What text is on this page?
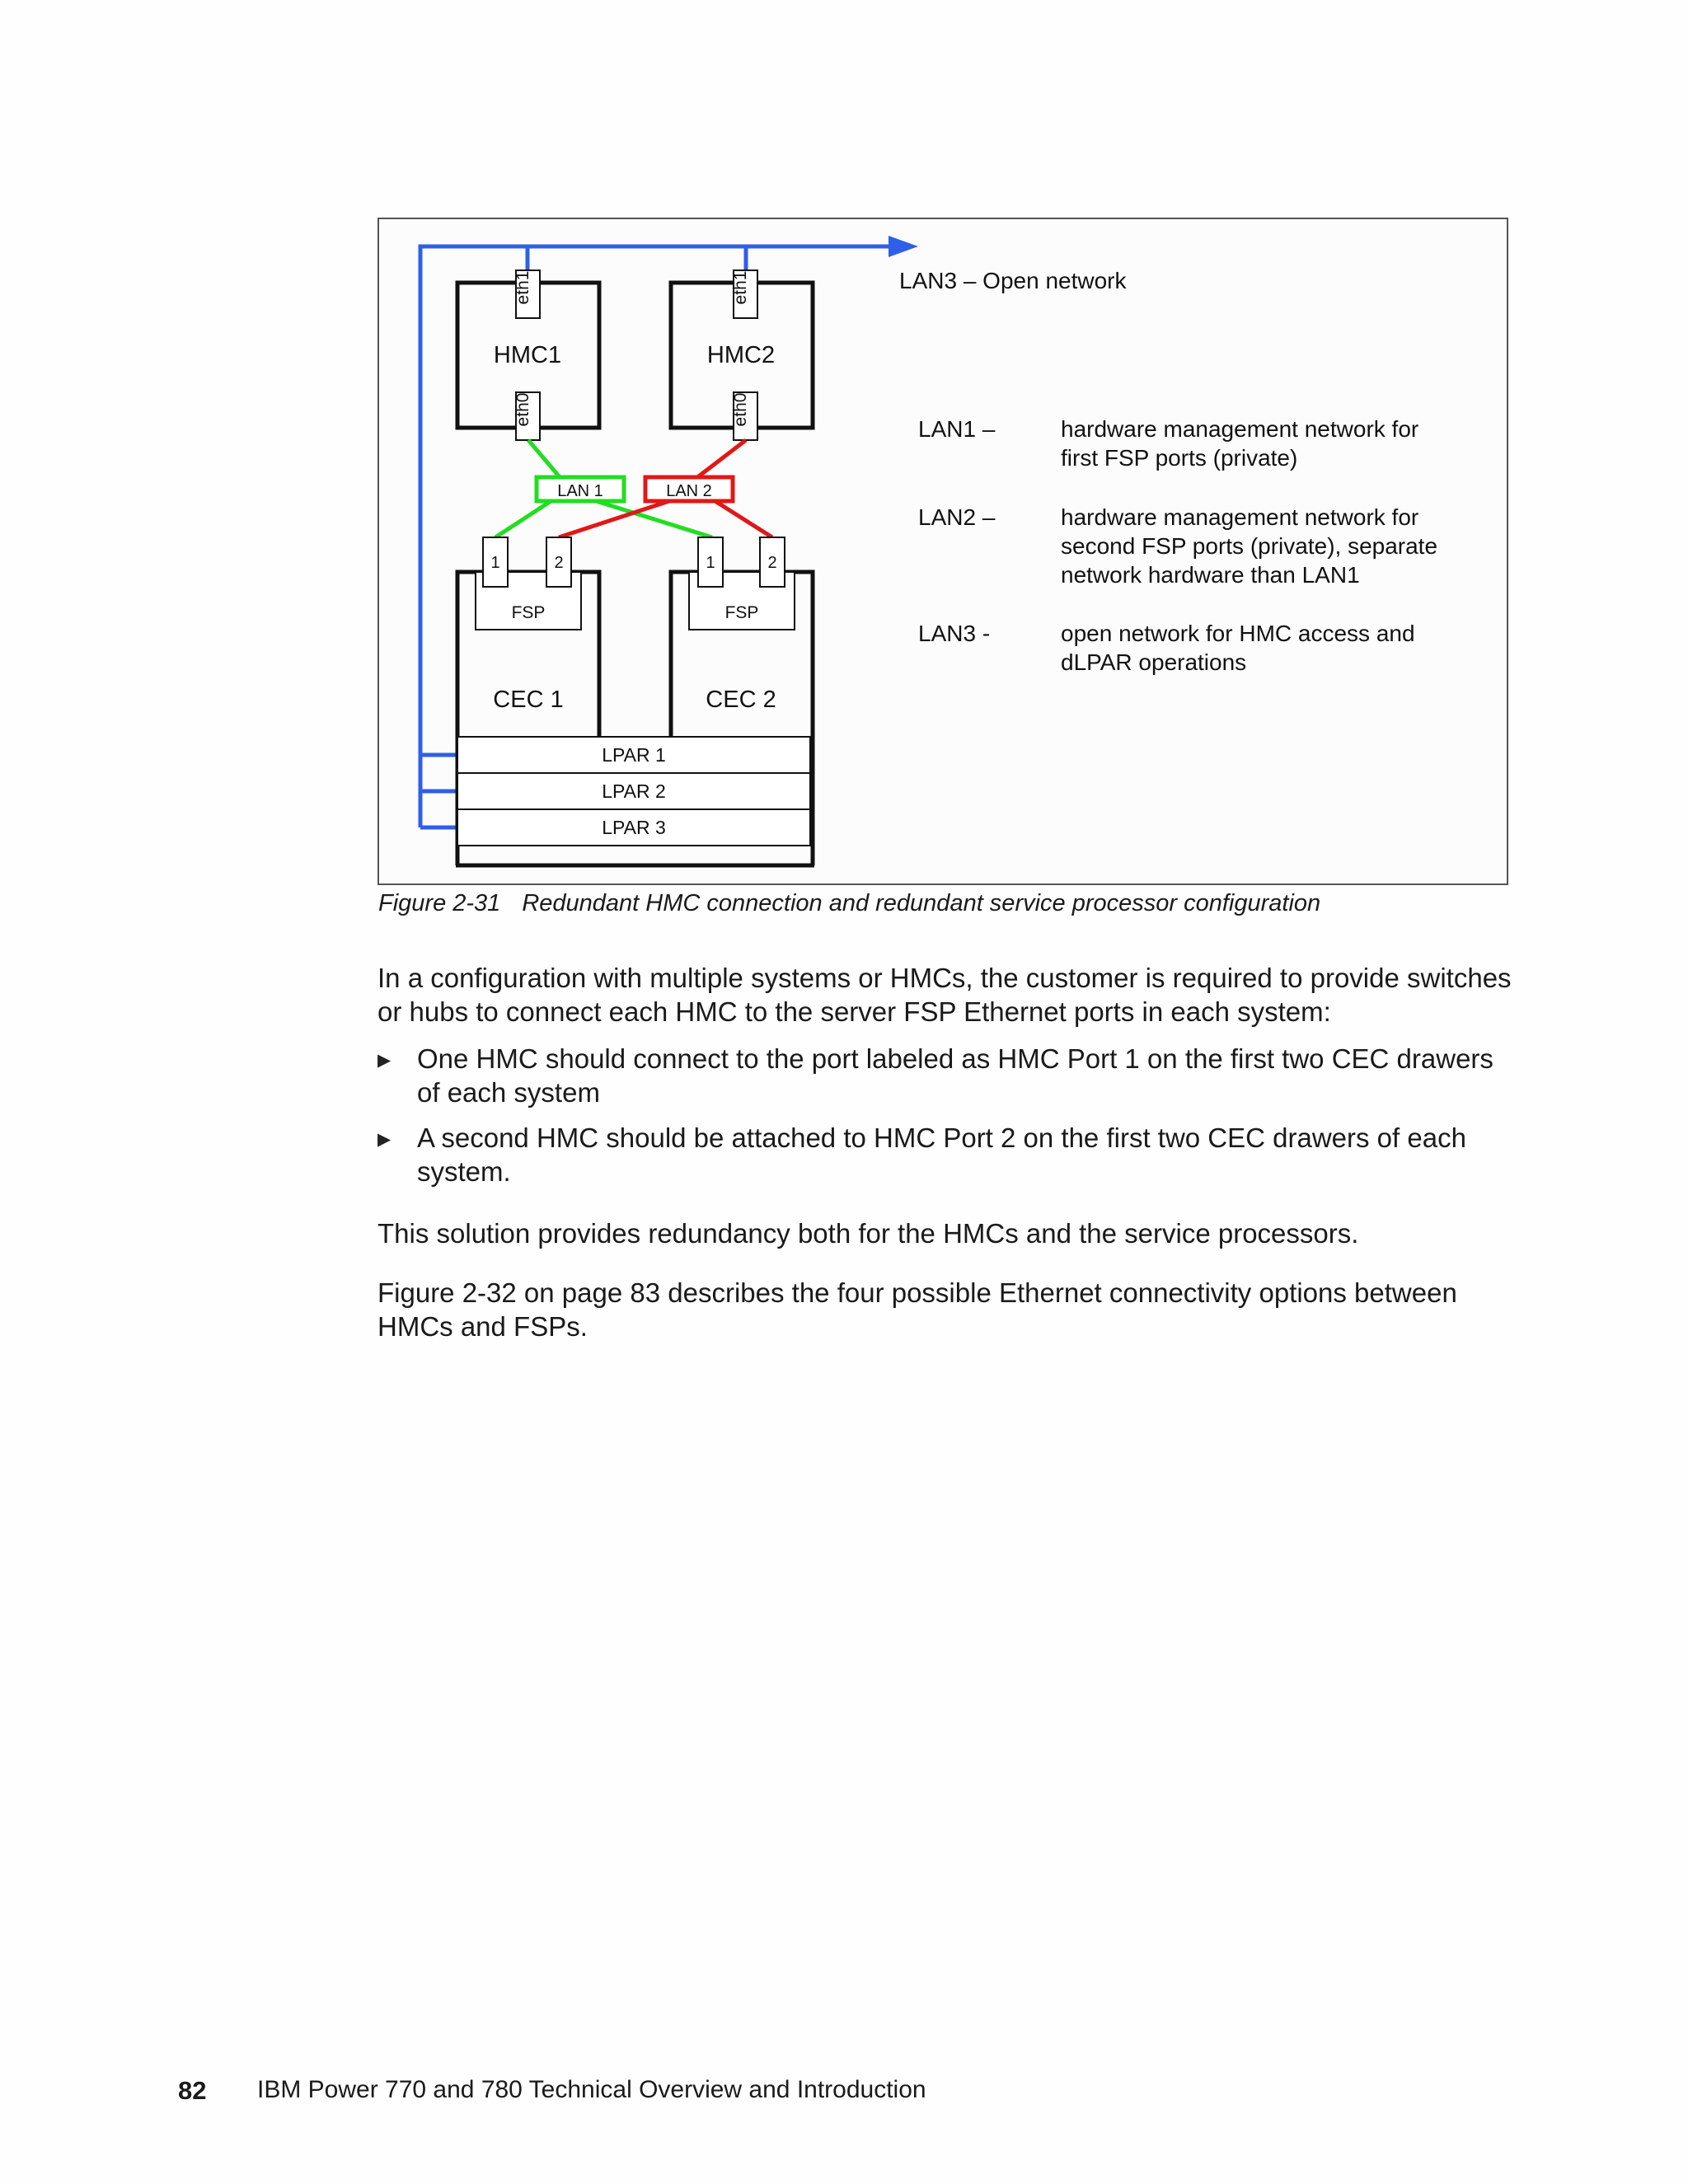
LAN3 – Open network
HMC1	HMC2
eth1	eth1
eth0	eth0
LAN 1	LAN 2
CEC 1	CEC 2
FSP	FSP
1	2	1	2
LPAR 1
LPAR 2
LPAR 3
LAN1 –	hardware management network for
first FSP ports (private)
LAN2 –	hardware management network for
second FSP ports (private), separate
network hardware than LAN1
LAN3 -	open network for HMC access and
dLPAR operations
Figure 2-31 Redundant HMC connection and redundant service processor configuration

In a configuration with multiple systems or HMCs, the customer is required to provide switches or hubs to connect each HMC to the server FSP Ethernet ports in each system:

▶ One HMC should connect to the port labeled as HMC Port 1 on the first two CEC drawers of each system

▶ A second HMC should be attached to HMC Port 2 on the first two CEC drawers of each system.

This solution provides redundancy both for the HMCs and the service processors.

Figure 2-32 on page 83 describes the four possible Ethernet connectivity options between HMCs and FSPs.

82 IBM Power 770 and 780 Technical Overview and Introduction
